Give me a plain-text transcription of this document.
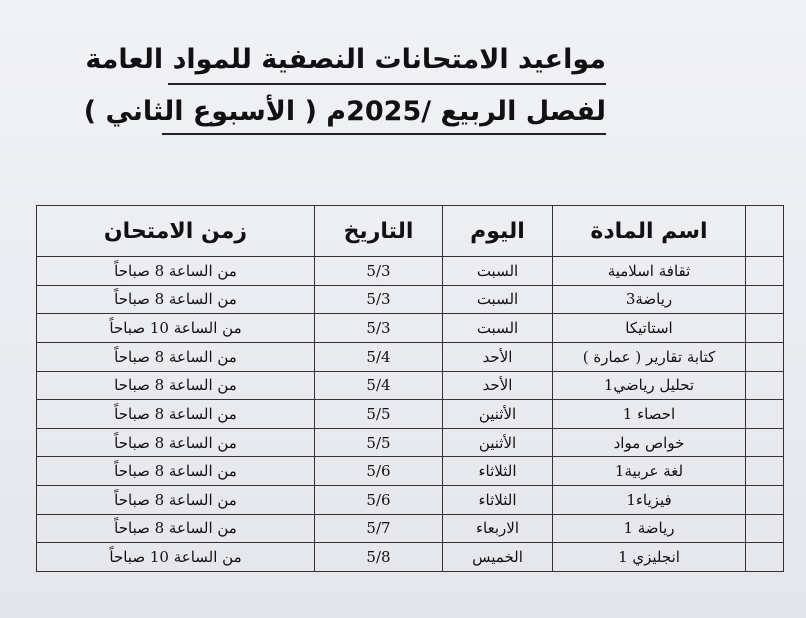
مواعيد الامتحانات النصفية للمواد العامة
لفصل الربيع /2025م ( الأسبوع الثاني )
	اسم المادة	اليوم	التاريخ	زمن الامتحان
	ثقافة اسلامية	السبت	5/3	من الساعة 8 صباحاً
	رياضة3	السبت	5/3	من الساعة 8 صباحاً
	استاتيكا	السبت	5/3	من الساعة 10 صباحاً
	كتابة تقارير ( عمارة )	الأحد	5/4	من الساعة 8 صباحاً
	تحليل رياضي1	الأحد	5/4	من الساعة 8 صباحا
	احصاء 1	الأثنين	5/5	من الساعة 8 صباحاً
	خواص مواد	الأثنين	5/5	من الساعة 8 صباحاً
	لغة عربية1	الثلاثاء	5/6	من الساعة 8 صباحاً
	فيزياء1	الثلاثاء	5/6	من الساعة 8 صباحاً
	رياضة 1	الاربعاء	5/7	من الساعة 8 صباحاً
	انجليزي 1	الخميس	5/8	من الساعة 10 صباحاً
